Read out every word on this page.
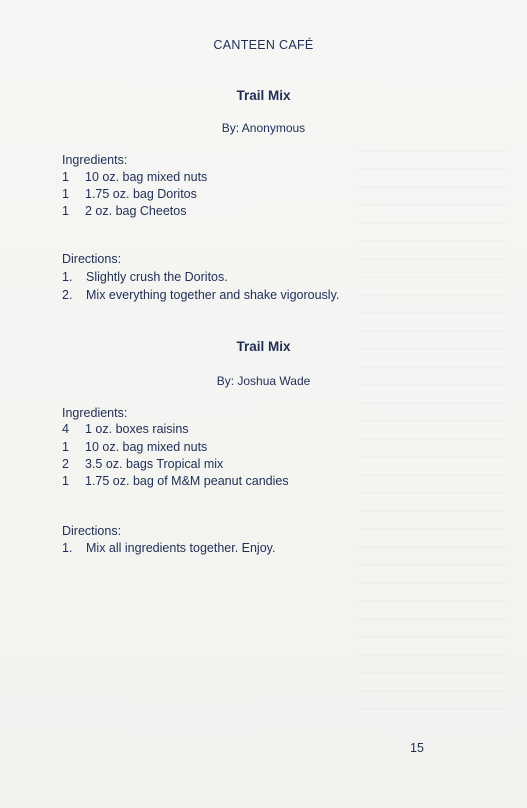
CANTEEN CAFÉ
Trail Mix
By: Anonymous
Ingredients:
1	10 oz. bag mixed nuts
1	1.75 oz. bag Doritos
1	2 oz. bag Cheetos
Directions:
1.	Slightly crush the Doritos.
2.	Mix everything together and shake vigorously.
Trail Mix
By: Joshua Wade
Ingredients:
4	1 oz. boxes raisins
1	10 oz. bag mixed nuts
2	3.5 oz. bags Tropical mix
1	1.75 oz. bag of M&M peanut candies
Directions:
1.	Mix all ingredients together. Enjoy.
15
